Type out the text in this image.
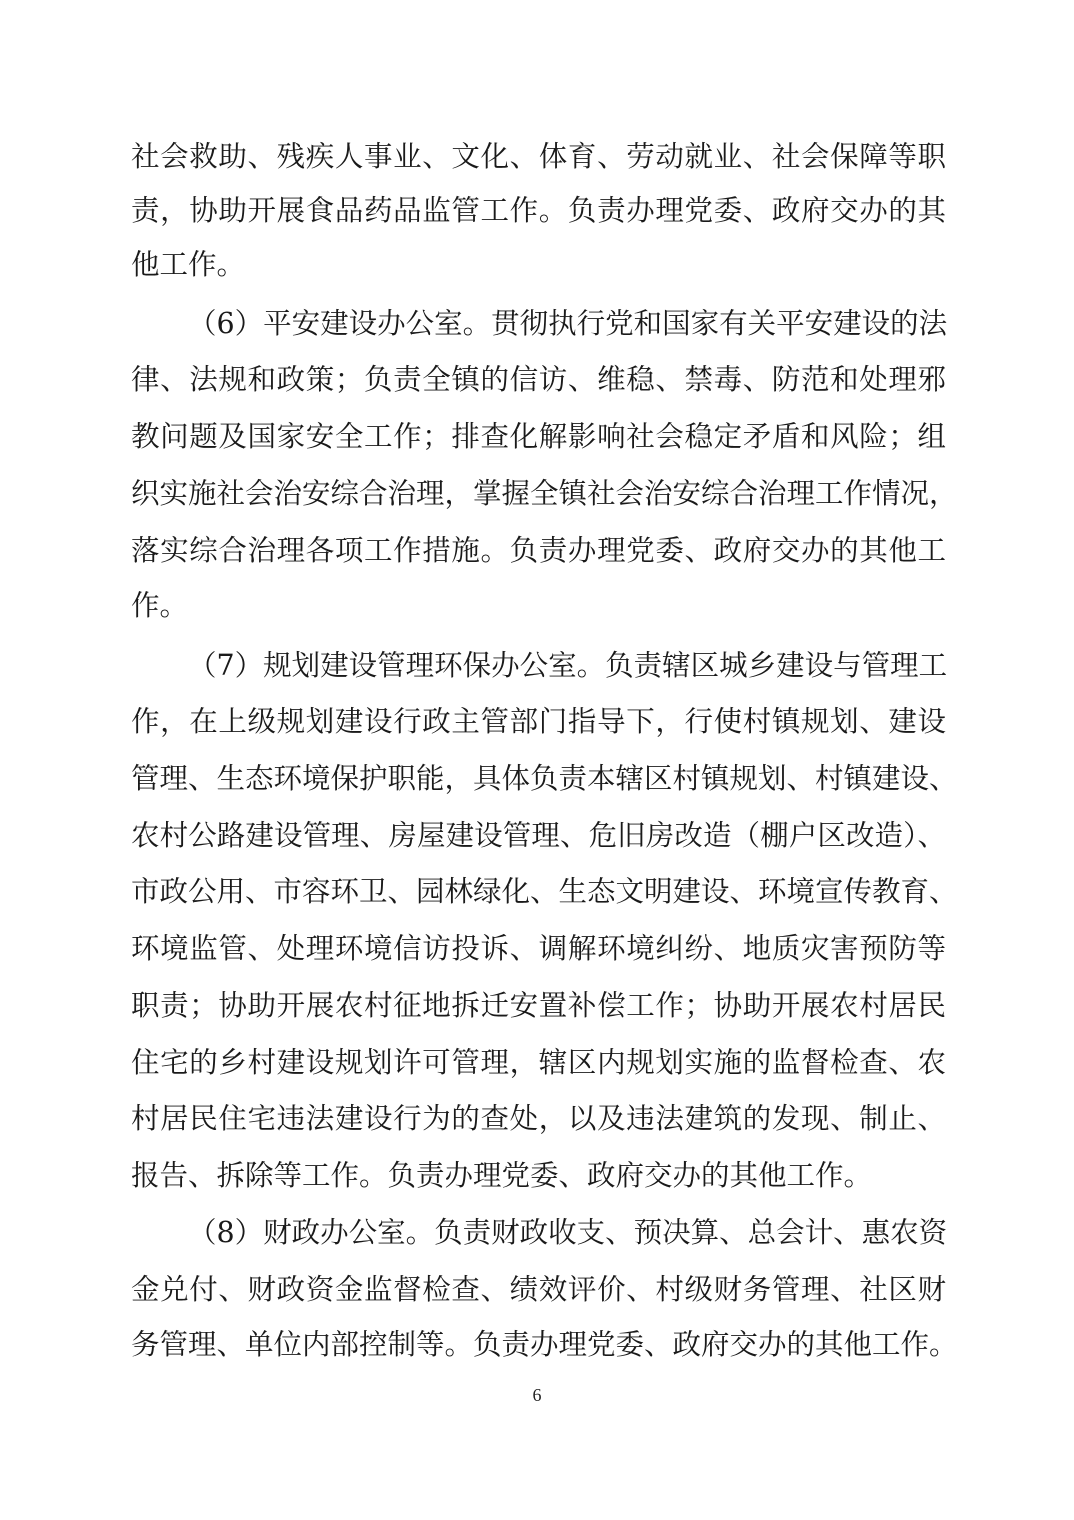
社会救助、残疾人事业、文化、体育、劳动就业、社会保障等职
责，协助开展食品药品监管工作。负责办理党委、政府交办的其
他工作。
（6）平安建设办公室。贯彻执行党和国家有关平安建设的法
律、法规和政策；负责全镇的信访、维稳、禁毒、防范和处理邪
教问题及国家安全工作；排查化解影响社会稳定矛盾和风险；组
织实施社会治安综合治理，掌握全镇社会治安综合治理工作情况，
落实综合治理各项工作措施。负责办理党委、政府交办的其他工
作。
（7）规划建设管理环保办公室。负责辖区城乡建设与管理工
作，在上级规划建设行政主管部门指导下，行使村镇规划、建设
管理、生态环境保护职能，具体负责本辖区村镇规划、村镇建设、
农村公路建设管理、房屋建设管理、危旧房改造（棚户区改造）、
市政公用、市容环卫、园林绿化、生态文明建设、环境宣传教育、
环境监管、处理环境信访投诉、调解环境纠纷、地质灾害预防等
职责；协助开展农村征地拆迁安置补偿工作；协助开展农村居民
住宅的乡村建设规划许可管理，辖区内规划实施的监督检查、农
村居民住宅违法建设行为的查处，以及违法建筑的发现、制止、
报告、拆除等工作。负责办理党委、政府交办的其他工作。
（8）财政办公室。负责财政收支、预决算、总会计、惠农资
金兑付、财政资金监督检查、绩效评价、村级财务管理、社区财
务管理、单位内部控制等。负责办理党委、政府交办的其他工作。
6
